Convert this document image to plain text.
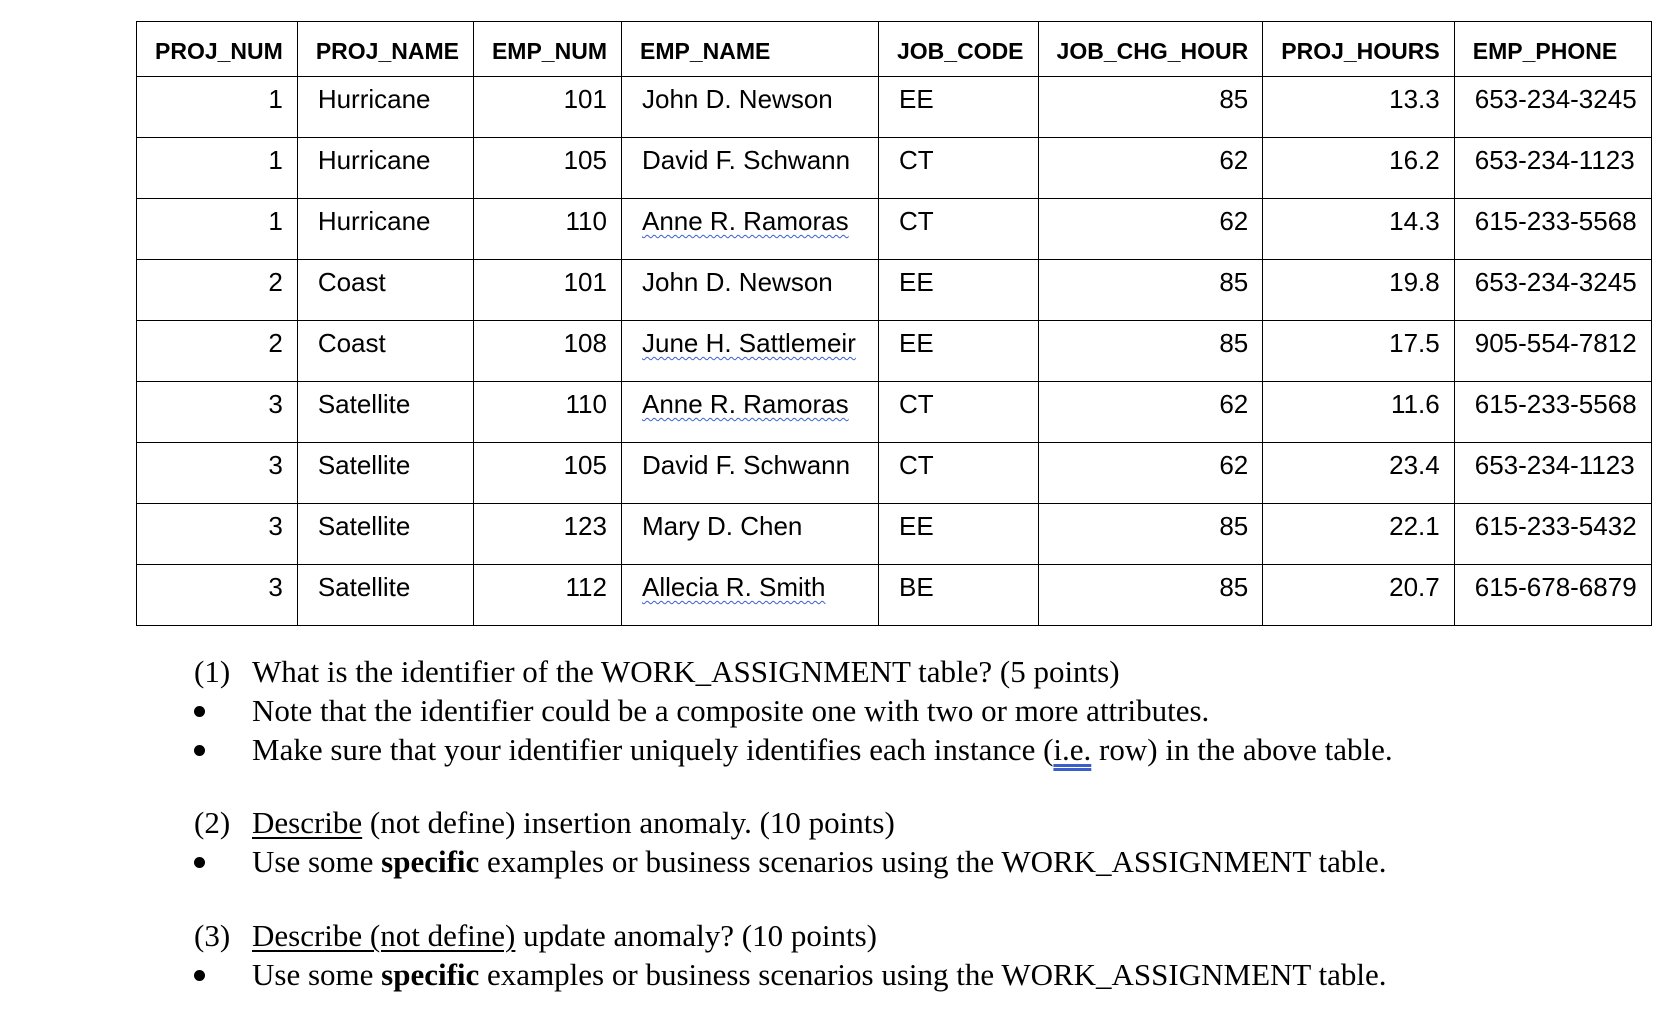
PROJ_NUM	PROJ_NAME	EMP_NUM	EMP_NAME	JOB_CODE	JOB_CHG_HOUR	PROJ_HOURS	EMP_PHONE
1	Hurricane	101	John D. Newson	EE	85	13.3	653-234-3245
1	Hurricane	105	David F. Schwann	CT	62	16.2	653-234-1123
1	Hurricane	110	Anne R. Ramoras	CT	62	14.3	615-233-5568
2	Coast	101	John D. Newson	EE	85	19.8	653-234-3245
2	Coast	108	June H. Sattlemeir	EE	85	17.5	905-554-7812
3	Satellite	110	Anne R. Ramoras	CT	62	11.6	615-233-5568
3	Satellite	105	David F. Schwann	CT	62	23.4	653-234-1123
3	Satellite	123	Mary D. Chen	EE	85	22.1	615-233-5432
3	Satellite	112	Allecia R. Smith	BE	85	20.7	615-678-6879
(1) What is the identifier of the WORK_ASSIGNMENT table? (5 points)
Note that the identifier could be a composite one with two or more attributes.
Make sure that your identifier uniquely identifies each instance (i.e. row) in the above table.
(2) Describe (not define) insertion anomaly. (10 points)
Use some specific examples or business scenarios using the WORK_ASSIGNMENT table.
(3) Describe (not define) update anomaly? (10 points)
Use some specific examples or business scenarios using the WORK_ASSIGNMENT table.
